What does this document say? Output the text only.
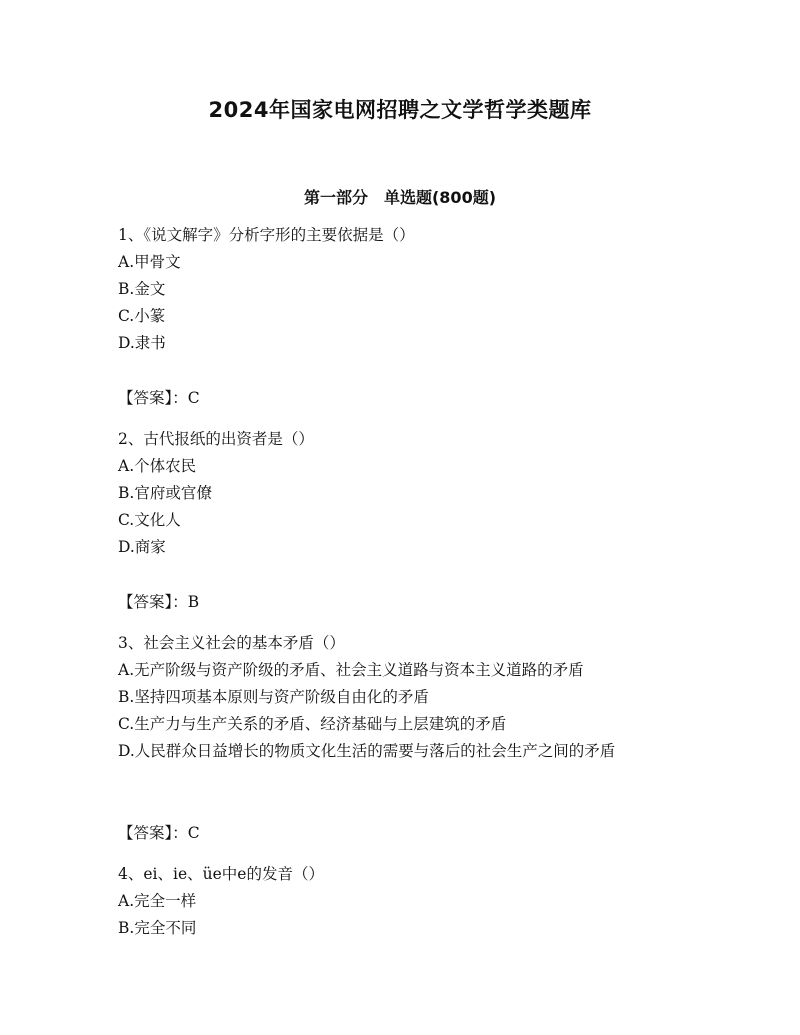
2024年国家电网招聘之文学哲学类题库
第一部分　单选题(800题)
1、《说文解字》分析字形的主要依据是（）
A.甲骨文
B.金文
C.小篆
D.隶书
【答案】：C
2、古代报纸的出资者是（）
A.个体农民
B.官府或官僚
C.文化人
D.商家
【答案】：B
3、社会主义社会的基本矛盾（）
A.无产阶级与资产阶级的矛盾、社会主义道路与资本主义道路的矛盾
B.坚持四项基本原则与资产阶级自由化的矛盾
C.生产力与生产关系的矛盾、经济基础与上层建筑的矛盾
D.人民群众日益增长的物质文化生活的需要与落后的社会生产之间的矛盾
【答案】：C
4、ei、ie、üe中e的发音（）
A.完全一样
B.完全不同
